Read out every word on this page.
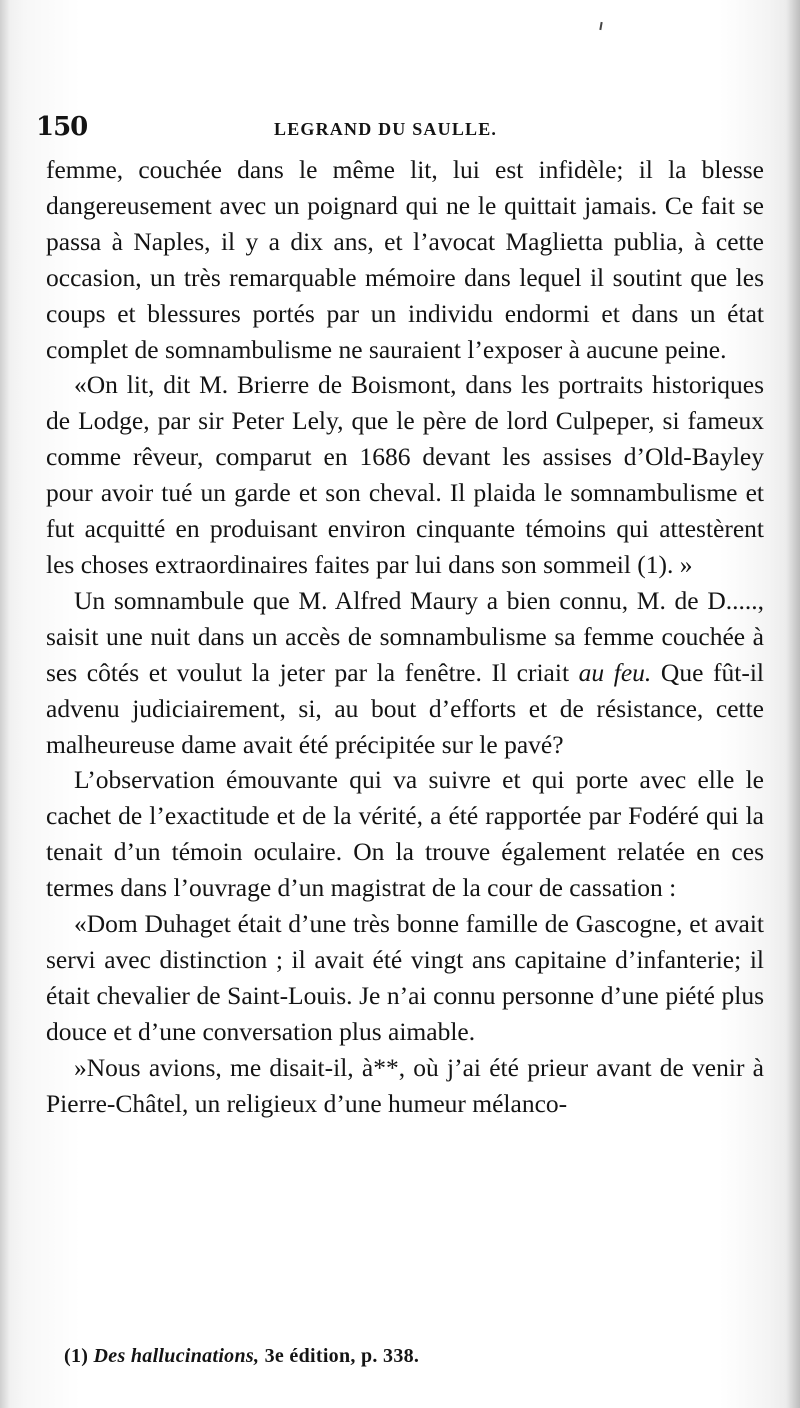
150	LEGRAND DU SAULLE.

femme, couchée dans le même lit, lui est infidèle; il la blesse dangereusement avec un poignard qui ne le quittait jamais. Ce fait se passa à Naples, il y a dix ans, et l’avocat Maglietta publia, à cette occasion, un très remarquable mémoire dans lequel il soutint que les coups et blessures portés par un individu endormi et dans un état complet de somnambulisme ne sauraient l’exposer à aucune peine.

«On lit, dit M. Brierre de Boismont, dans les portraits historiques de Lodge, par sir Peter Lely, que le père de lord Culpeper, si fameux comme rêveur, comparut en 1686 devant les assises d’Old-Bayley pour avoir tué un garde et son cheval. Il plaida le somnambulisme et fut acquitté en produisant environ cinquante témoins qui attestèrent les choses extraordinaires faites par lui dans son sommeil (1). »

Un somnambule que M. Alfred Maury a bien connu, M. de D....., saisit une nuit dans un accès de somnambulisme sa femme couchée à ses côtés et voulut la jeter par la fenêtre. Il criait au feu. Que fût-il advenu judiciairement, si, au bout d’efforts et de résistance, cette malheureuse dame avait été précipitée sur le pavé?

L’observation émouvante qui va suivre et qui porte avec elle le cachet de l’exactitude et de la vérité, a été rapportée par Fodéré qui la tenait d’un témoin oculaire. On la trouve également relatée en ces termes dans l’ouvrage d’un magistrat de la cour de cassation :

«Dom Duhaget était d’une très bonne famille de Gascogne, et avait servi avec distinction ; il avait été vingt ans capitaine d’infanterie; il était chevalier de Saint-Louis. Je n’ai connu personne d’une piété plus douce et d’une conversation plus aimable.

»Nous avions, me disait-il, à**, où j’ai été prieur avant de venir à Pierre-Châtel, un religieux d’une humeur mélanco-

(1) Des hallucinations, 3e édition, p. 338.
